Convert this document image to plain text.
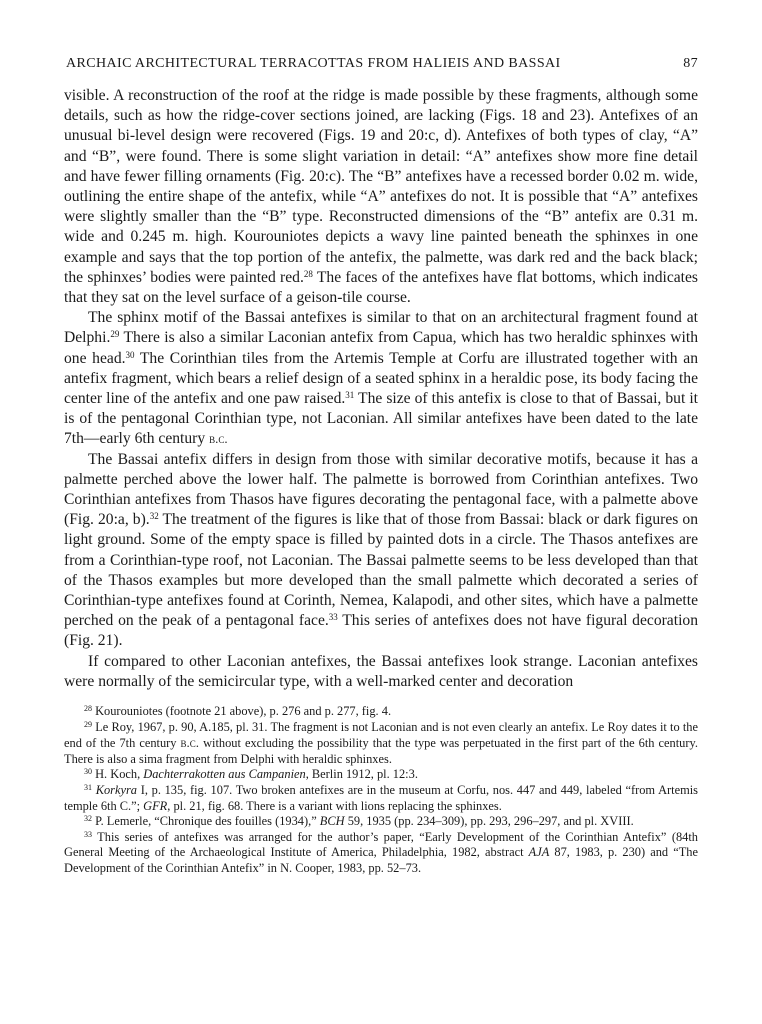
ARCHAIC ARCHITECTURAL TERRACOTTAS FROM HALIEIS AND BASSAI	87

visible. A reconstruction of the roof at the ridge is made possible by these fragments, although some details, such as how the ridge-cover sections joined, are lacking (Figs. 18 and 23). Antefixes of an unusual bi-level design were recovered (Figs. 19 and 20:c, d). Antefixes of both types of clay, “A” and “B”, were found. There is some slight variation in detail: “A” antefixes show more fine detail and have fewer filling ornaments (Fig. 20:c). The “B” antefixes have a recessed border 0.02 m. wide, outlining the entire shape of the antefix, while “A” antefixes do not. It is possible that “A” antefixes were slightly smaller than the “B” type. Reconstructed dimensions of the “B” antefix are 0.31 m. wide and 0.245 m. high. Kourouniotes depicts a wavy line painted beneath the sphinxes in one example and says that the top portion of the antefix, the palmette, was dark red and the back black; the sphinxes’ bodies were painted red.$^{28}$ The faces of the antefixes have flat bottoms, which indicates that they sat on the level surface of a geison-tile course.

The sphinx motif of the Bassai antefixes is similar to that on an architectural fragment found at Delphi.$^{29}$ There is also a similar Laconian antefix from Capua, which has two heraldic sphinxes with one head.$^{30}$ The Corinthian tiles from the Artemis Temple at Corfu are illustrated together with an antefix fragment, which bears a relief design of a seated sphinx in a heraldic pose, its body facing the center line of the antefix and one paw raised.$^{31}$ The size of this antefix is close to that of Bassai, but it is of the pentagonal Corinthian type, not Laconian. All similar antefixes have been dated to the late 7th—early 6th century b.c.

The Bassai antefix differs in design from those with similar decorative motifs, because it has a palmette perched above the lower half. The palmette is borrowed from Corinthian antefixes. Two Corinthian antefixes from Thasos have figures decorating the pentagonal face, with a palmette above (Fig. 20:a, b).$^{32}$ The treatment of the figures is like that of those from Bassai: black or dark figures on light ground. Some of the empty space is filled by painted dots in a circle. The Thasos antefixes are from a Corinthian-type roof, not Laconian. The Bassai palmette seems to be less developed than that of the Thasos examples but more developed than the small palmette which decorated a series of Corinthian-type antefixes found at Corinth, Nemea, Kalapodi, and other sites, which have a palmette perched on the peak of a pentagonal face.$^{33}$ This series of antefixes does not have figural decoration (Fig. 21).

If compared to other Laconian antefixes, the Bassai antefixes look strange. Laconian antefixes were normally of the semicircular type, with a well-marked center and decoration

$^{28}$ Kourouniotes (footnote 21 above), p. 276 and p. 277, fig. 4.

$^{29}$ Le Roy, 1967, p. 90, A.185, pl. 31. The fragment is not Laconian and is not even clearly an antefix. Le Roy dates it to the end of the 7th century b.c. without excluding the possibility that the type was perpetuated in the first part of the 6th century. There is also a sima fragment from Delphi with heraldic sphinxes.

$^{30}$ H. Koch, Dachterrakotten aus Campanien, Berlin 1912, pl. 12:3.

$^{31}$ Korkyra I, p. 135, fig. 107. Two broken antefixes are in the museum at Corfu, nos. 447 and 449, labeled “from Artemis temple 6th C.”; GFR, pl. 21, fig. 68. There is a variant with lions replacing the sphinxes.

$^{32}$ P. Lemerle, “Chronique des fouilles (1934),” BCH 59, 1935 (pp. 234–309), pp. 293, 296–297, and pl. XVIII.

$^{33}$ This series of antefixes was arranged for the author’s paper, “Early Development of the Corinthian Antefix” (84th General Meeting of the Archaeological Institute of America, Philadelphia, 1982, abstract AJA 87, 1983, p. 230) and “The Development of the Corinthian Antefix” in N. Cooper, 1983, pp. 52–73.
